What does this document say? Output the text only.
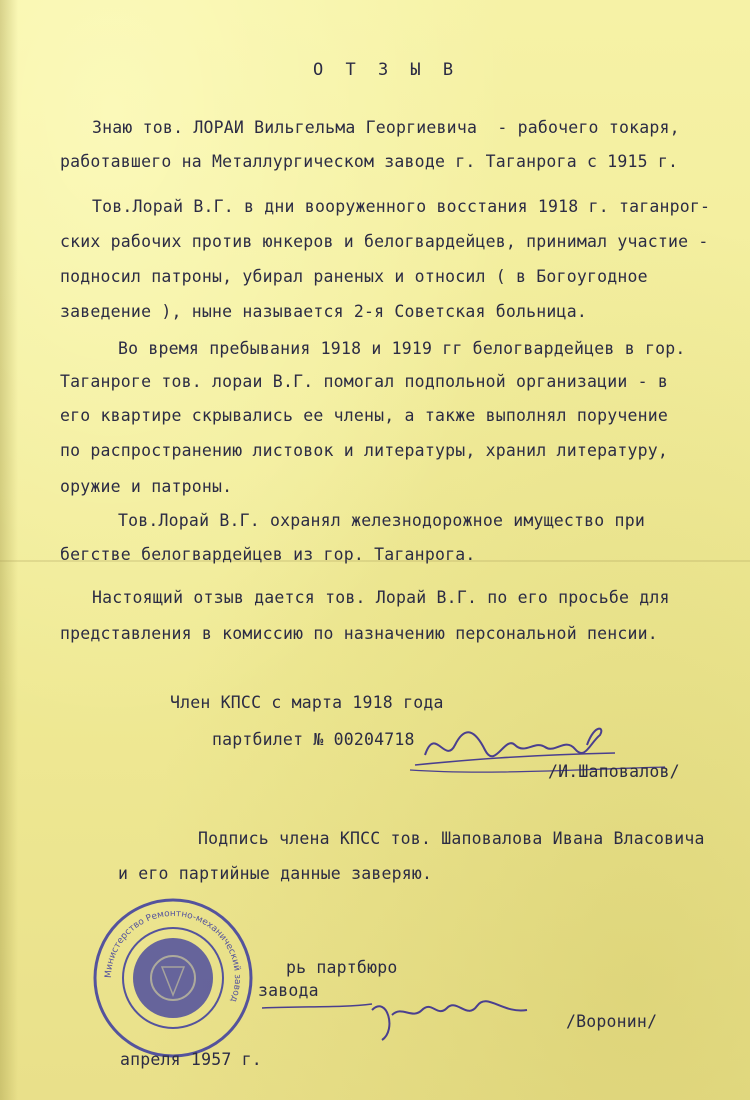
О Т З Ы В
Знаю тов. ЛОРАИ Вильгельма Георгиевича  - рабочего токаря,
работавшего на Металлургическом заводе г. Таганрога с 1915 г.
Тов.Лорай В.Г. в дни вооруженного восстания 1918 г. таганрог-
ских рабочих против юнкеров и белогвардейцев, принимал участие -
подносил патроны, убирал раненых и относил ( в Богоугодное
заведение ), ныне называется 2-я Советская больница.
Во время пребывания 1918 и 1919 гг белогвардейцев в гор.
Таганроге тов. лораи В.Г. помогал подпольной организации - в
его квартире скрывались ее члены, а также выполнял поручение
по распространению листовок и литературы, хранил литературу,
оружие и патроны.
Тов.Лорай В.Г. охранял железнодорожное имущество при
бегстве белогвардейцев из гор. Таганрога.
Настоящий отзыв дается тов. Лорай В.Г. по его просьбе для
представления в комиссию по назначению персональной пенсии.
Член КПСС с марта 1918 года
партбилет № 00204718
/И.Шаповалов/
Подпись члена КПСС тов. Шаповалова Ивана Власовича
и его партийные данные заверяю.
Министерство Ремонтно-механический завод
рь партбюро
завода
/Воронин/
апреля 1957 г.
